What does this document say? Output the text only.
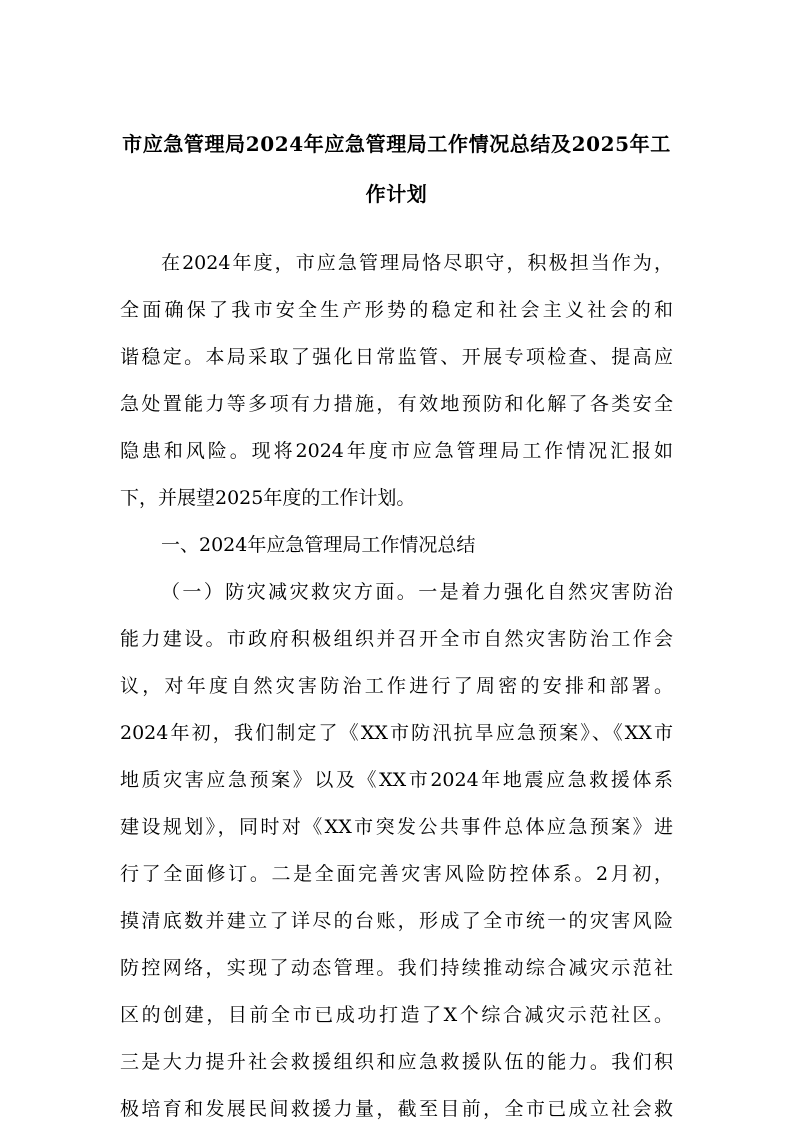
市应急管理局2024年应急管理局工作情况总结及2025年工
作计划
在2024年度，市应急管理局恪尽职守，积极担当作为，
全面确保了我市安全生产形势的稳定和社会主义社会的和
谐稳定。本局采取了强化日常监管、开展专项检查、提高应
急处置能力等多项有力措施，有效地预防和化解了各类安全
隐患和风险。现将2024年度市应急管理局工作情况汇报如
下，并展望2025年度的工作计划。
一、2024年应急管理局工作情况总结
（一）防灾减灾救灾方面。一是着力强化自然灾害防治
能力建设。市政府积极组织并召开全市自然灾害防治工作会
议，对年度自然灾害防治工作进行了周密的安排和部署。
2024年初，我们制定了《XX市防汛抗旱应急预案》、《XX市
地质灾害应急预案》以及《XX市2024年地震应急救援体系
建设规划》，同时对《XX市突发公共事件总体应急预案》进
行了全面修订。二是全面完善灾害风险防控体系。2月初，
摸清底数并建立了详尽的台账，形成了全市统一的灾害风险
防控网络，实现了动态管理。我们持续推动综合减灾示范社
区的创建，目前全市已成功打造了X个综合减灾示范社区。
三是大力提升社会救援组织和应急救援队伍的能力。我们积
极培育和发展民间救援力量，截至目前，全市已成立社会救
